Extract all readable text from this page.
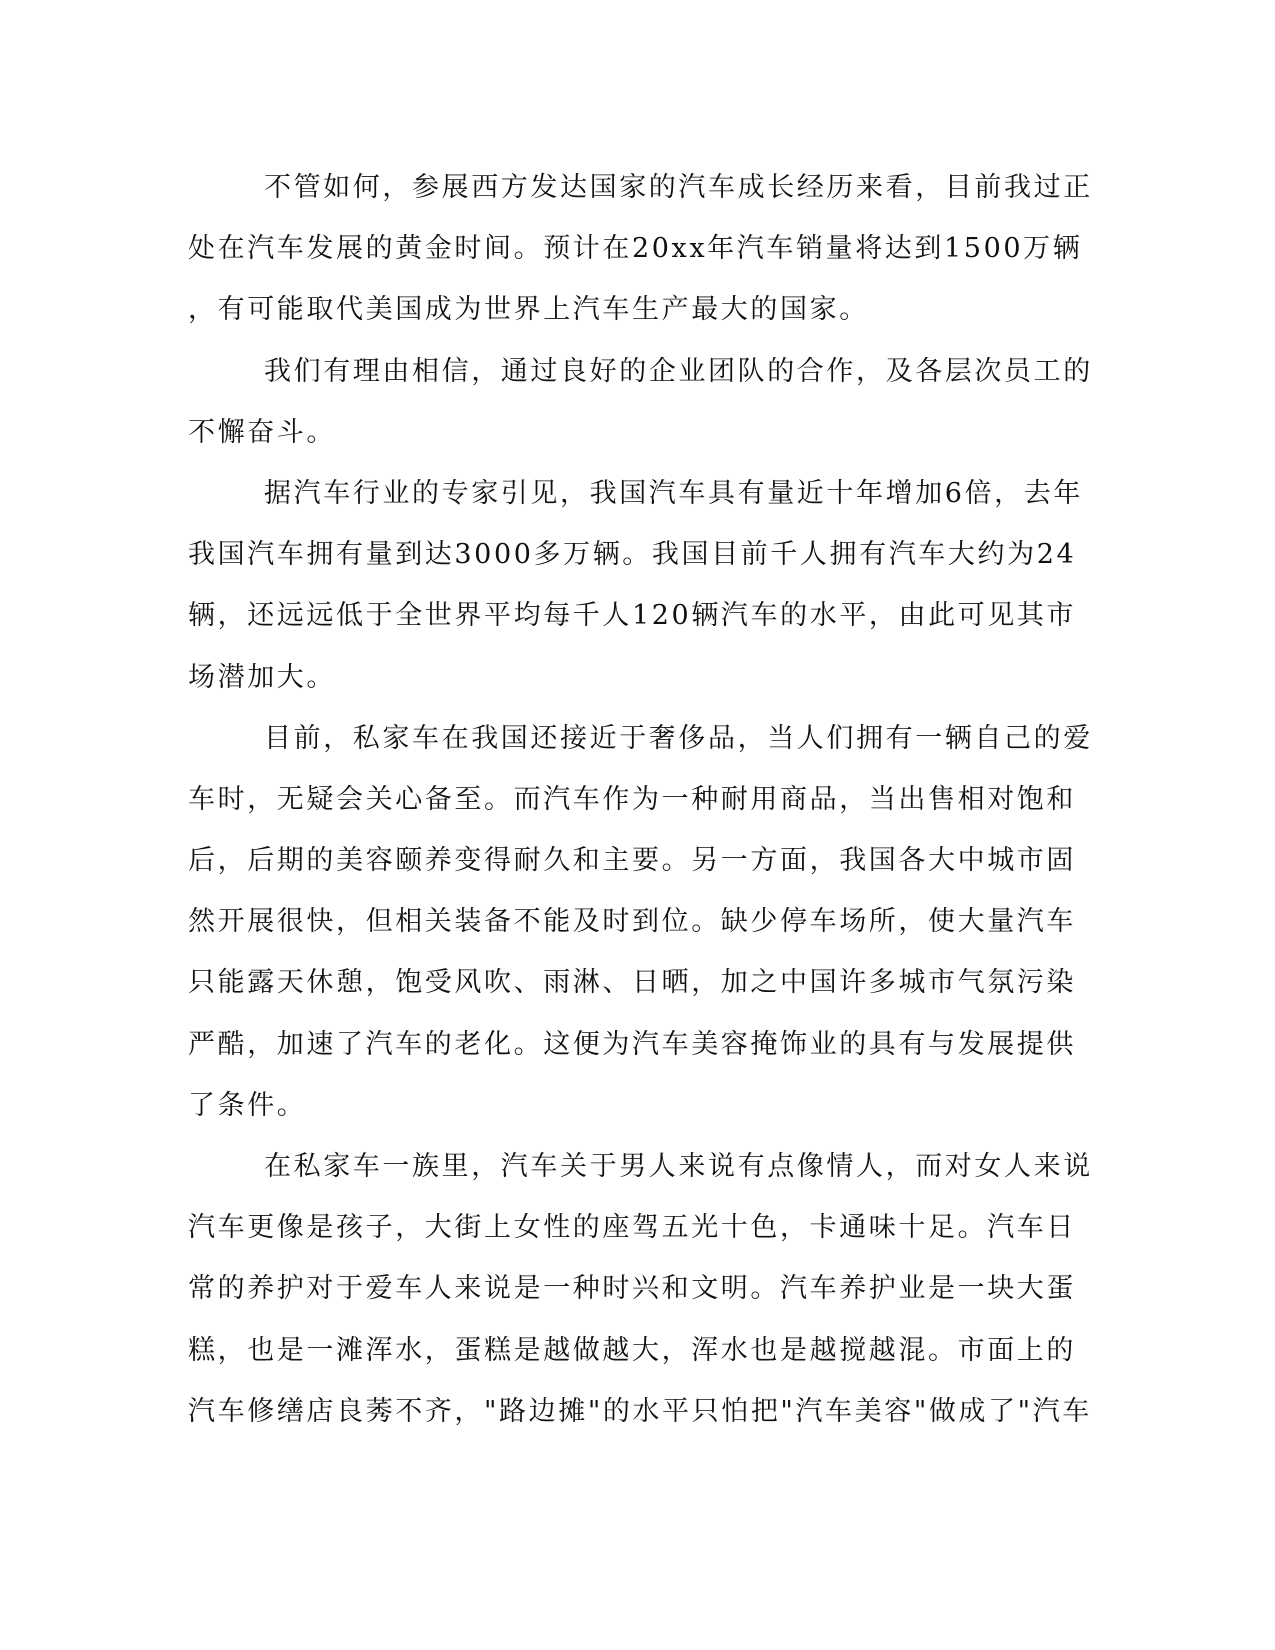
不管如何，参展西方发达国家的汽车成长经历来看，目前我过正
处在汽车发展的黄金时间。预计在20xx年汽车销量将达到1500万辆
，有可能取代美国成为世界上汽车生产最大的国家。
我们有理由相信，通过良好的企业团队的合作，及各层次员工的
不懈奋斗。
据汽车行业的专家引见，我国汽车具有量近十年增加6倍，去年
我国汽车拥有量到达3000多万辆。我国目前千人拥有汽车大约为24
辆，还远远低于全世界平均每千人120辆汽车的水平，由此可见其市
场潜加大。
目前，私家车在我国还接近于奢侈品，当人们拥有一辆自己的爱
车时，无疑会关心备至。而汽车作为一种耐用商品，当出售相对饱和
后，后期的美容颐养变得耐久和主要。另一方面，我国各大中城市固
然开展很快，但相关装备不能及时到位。缺少停车场所，使大量汽车
只能露天休憩，饱受风吹、雨淋、日晒，加之中国许多城市气氛污染
严酷，加速了汽车的老化。这便为汽车美容掩饰业的具有与发展提供
了条件。
在私家车一族里，汽车关于男人来说有点像情人，而对女人来说
汽车更像是孩子，大街上女性的座驾五光十色，卡通味十足。汽车日
常的养护对于爱车人来说是一种时兴和文明。汽车养护业是一块大蛋
糕，也是一滩浑水，蛋糕是越做越大，浑水也是越搅越混。市面上的
汽车修缮店良莠不齐，"路边摊"的水平只怕把"汽车美容"做成了"汽车
